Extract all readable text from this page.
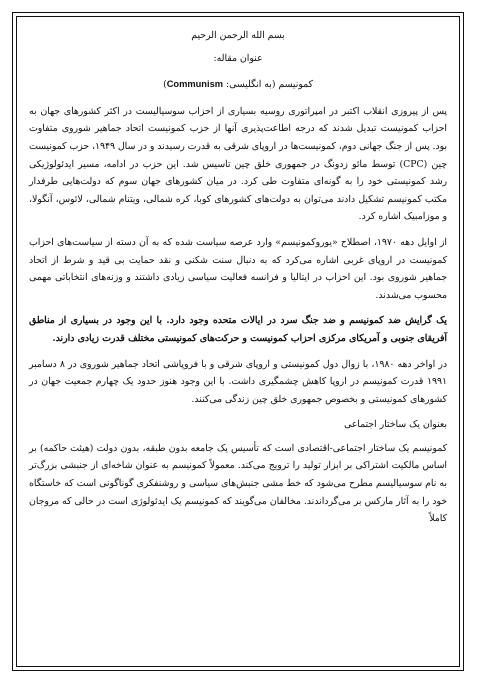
بسم الله الرحمن الرحیم
عنوان مقاله:
کمونیسم (به انگلیسی: Communism)

پس از پیروزی انقلاب اکتبر در امپراتوری روسیه بسیاری از احزاب سوسیالیست در اکثر کشورهای جهان به احزاب کمونیست تبدیل شدند که درجه اطاعت‌پذیری آنها از حزب کمونیست اتحاد جماهیر شوروی متفاوت بود. پس از جنگ جهانی دوم، کمونیست‌ها در اروپای شرقی به قدرت رسیدند و در سال ۱۹۴۹، حزب کمونیست چین (CPC) توسط مائو زدونگ در جمهوری خلق چین تاسیس شد. این حزب در ادامه، مسیر ایدئولوژیکی رشد کمونیستی خود را به گونه‌ای متفاوت طی کرد. در میان کشورهای جهان سوم که دولت‌هایی طرفدار مکتب کمونیسم تشکیل دادند می‌توان به دولت‌های کشورهای کوبا، کره شمالی، ویتنام شمالی، لائوس، آنگولا، و موزامبیک اشاره کرد.

از اوایل دهه ۱۹۷۰، اصطلاح «یوروکمونیسم» وارد عرصه سیاست شده که به آن دسته از سیاست‌های احزاب کمونیست در اروپای غربی اشاره می‌کرد که به دنبال سنت شکنی و نقد حمایت بی قید و شرط از اتحاد جماهیر شوروی بود. این احزاب در ایتالیا و فرانسه فعالیت سیاسی زیادی داشتند و وزنه‌های انتخاباتی مهمی محسوب می‌شدند.

یک گرایش ضد کمونیسم و ضد جنگ سرد در ایالات متحده وجود دارد. با این وجود در بسیاری از مناطق آفریقای جنوبی و آمریکای مرکزی احزاب کمونیست و حرکت‌های کمونیستی مختلف قدرت زیادی دارند.

در اواخر دهه ۱۹۸۰، با زوال دول کمونیستی و اروپای شرقی و با فروپاشی اتحاد جماهیر شوروی در ۸ دسامبر ۱۹۹۱ قدرت کمونیسم در اروپا کاهش چشمگیری داشت. با این وجود هنوز حدود یک چهارم جمعیت جهان در کشورهای کمونیستی و بخصوص جمهوری خلق چین زندگی می‌کنند.

بعنوان یک ساختار اجتماعی

کمونیسم یک ساختار اجتماعی-اقتصادی است که تأسیس یک جامعه بدون طبقه، بدون دولت (هیئت حاکمه) بر اساس مالکیت اشتراکی بر ابزار تولید را ترویج می‌کند. معمولاً کمونیسم به عنوان شاخه‌ای از جنبشی بزرگ‌تر به نام سوسیالیسم مطرح می‌شود که خط مشی جنبش‌های سیاسی و روشنفکری گوناگونی است که خاستگاه خود را به آثار مارکس بر می‌گرداندند. مخالفان می‌گویند که کمونیسم یک ایدئولوژی است در حالی که مروجان کاملاً
